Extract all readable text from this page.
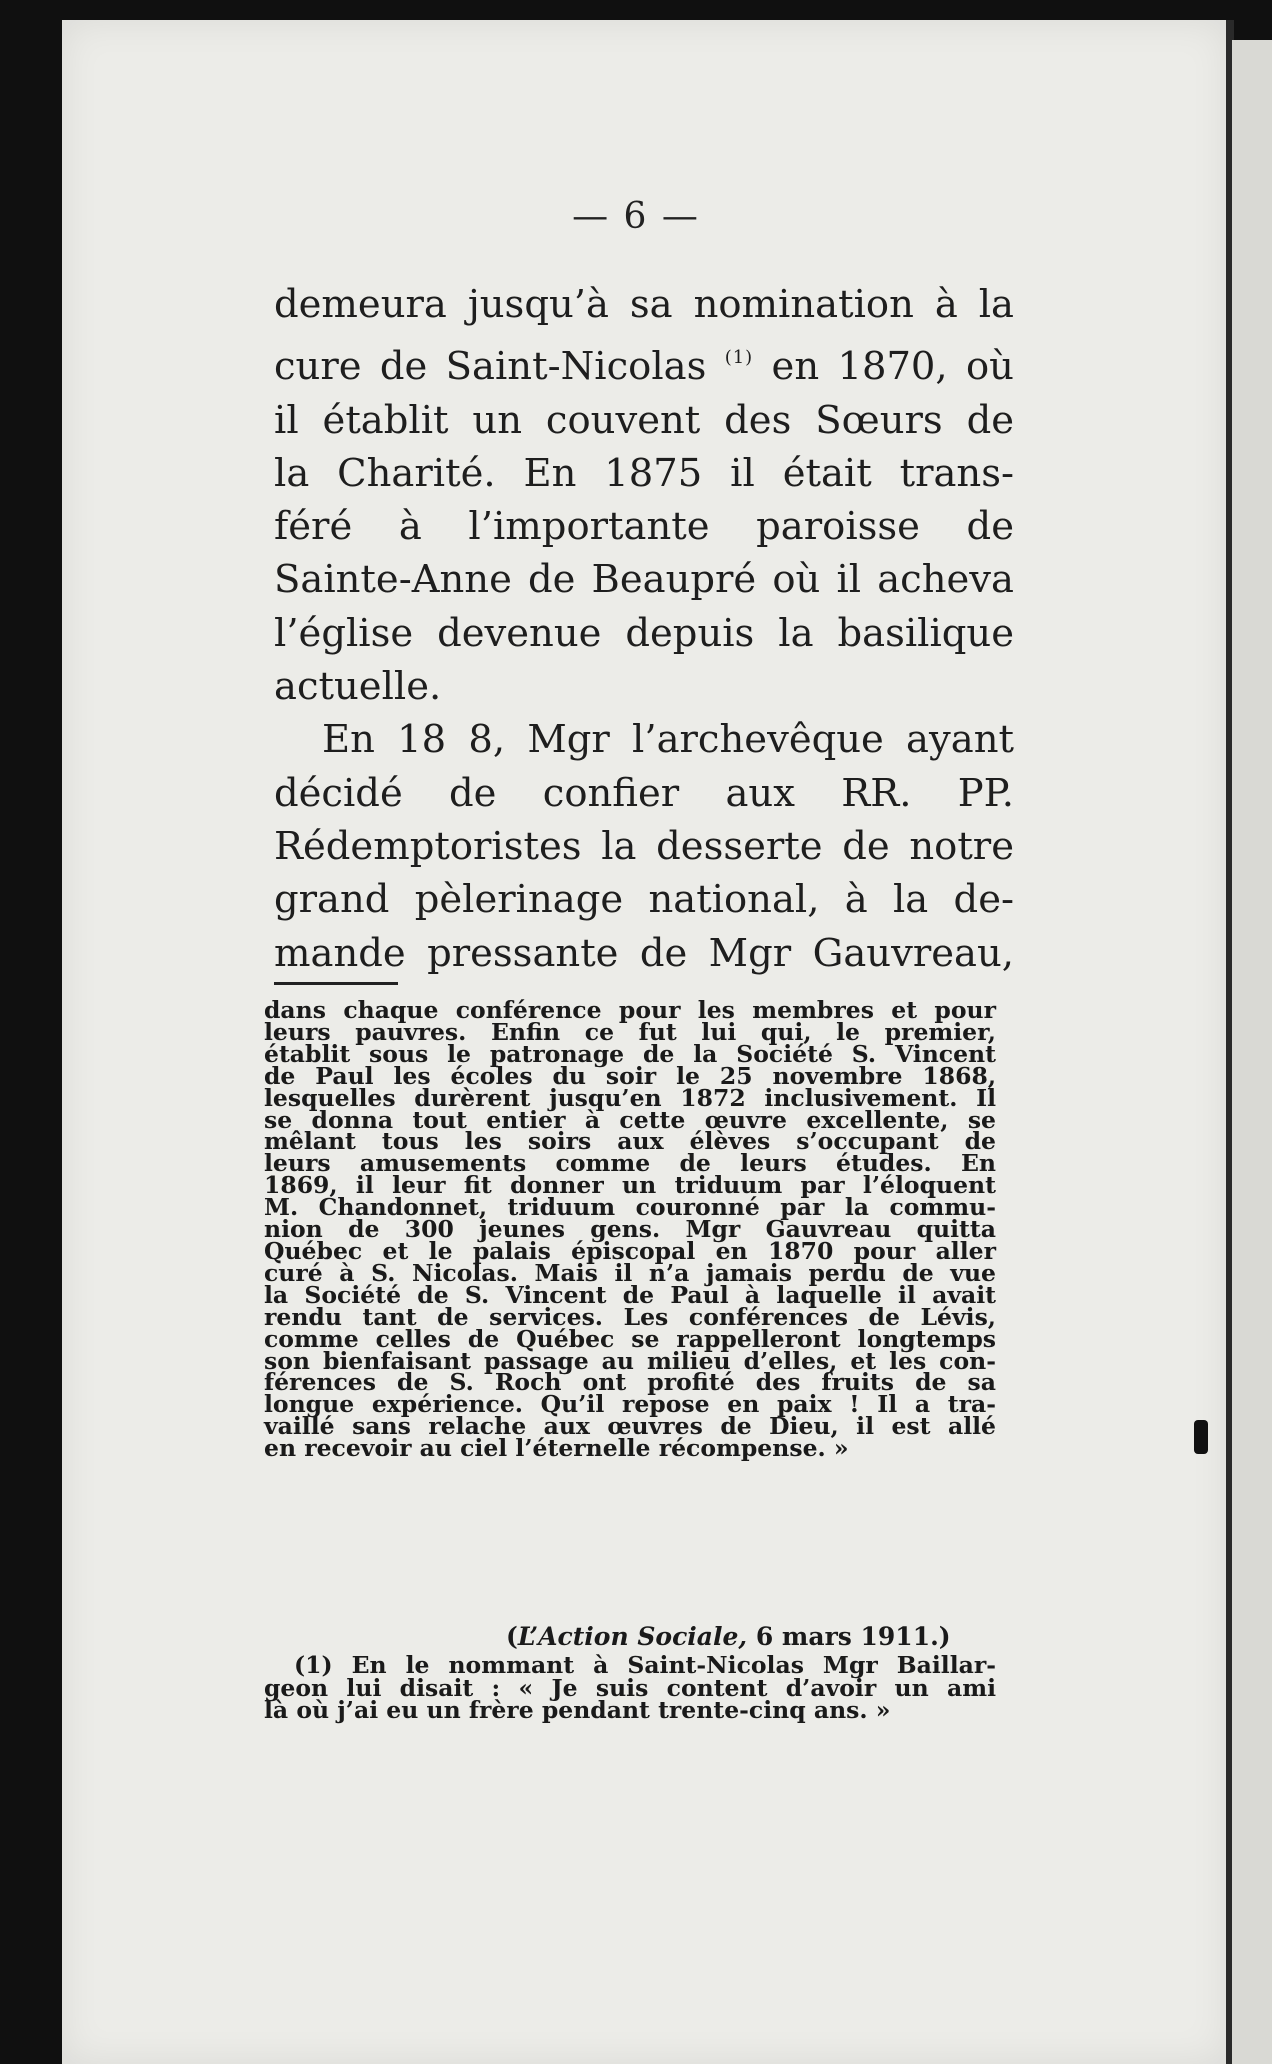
— 6 —
demeura jusqu’à sa nomination à la
cure de Saint-Nicolas $^{(1)}$ en 1870, où
il établit un couvent des Sœurs de
la Charité. En 1875 il était trans-
féré à l’importante paroisse de
Sainte-Anne de Beaupré où il acheva
l’église devenue depuis la basilique
actuelle.
En 18 8, Mgr l’archevêque ayant
décidé de confier aux RR. PP.
Rédemptoristes la desserte de notre
grand pèlerinage national, à la de-
mande pressante de Mgr Gauvreau,
dans chaque conférence pour les membres et pour
leurs pauvres. Enfin ce fut lui qui, le premier,
établit sous le patronage de la Société S. Vincent
de Paul les écoles du soir le 25 novembre 1868,
lesquelles durèrent jusqu’en 1872 inclusivement. Il
se donna tout entier à cette œuvre excellente, se
mêlant tous les soirs aux élèves s’occupant de
leurs amusements comme de leurs études. En
1869, il leur fit donner un triduum par l’éloquent
M. Chandonnet, triduum couronné par la commu-
nion de 300 jeunes gens. Mgr Gauvreau quitta
Québec et le palais épiscopal en 1870 pour aller
curé à S. Nicolas. Mais il n’a jamais perdu de vue
la Société de S. Vincent de Paul à laquelle il avait
rendu tant de services. Les conférences de Lévis,
comme celles de Québec se rappelleront longtemps
son bienfaisant passage au milieu d’elles, et les con-
férences de S. Roch ont profité des fruits de sa
longue expérience. Qu’il repose en paix ! Il a tra-
vaillé sans relache aux œuvres de Dieu, il est allé
en recevoir au ciel l’éternelle récompense. »
(L’Action Sociale, 6 mars 1911.)
(1) En le nommant à Saint-Nicolas Mgr Baillar-
geon lui disait : « Je suis content d’avoir un ami
là où j’ai eu un frère pendant trente-cinq ans. »
